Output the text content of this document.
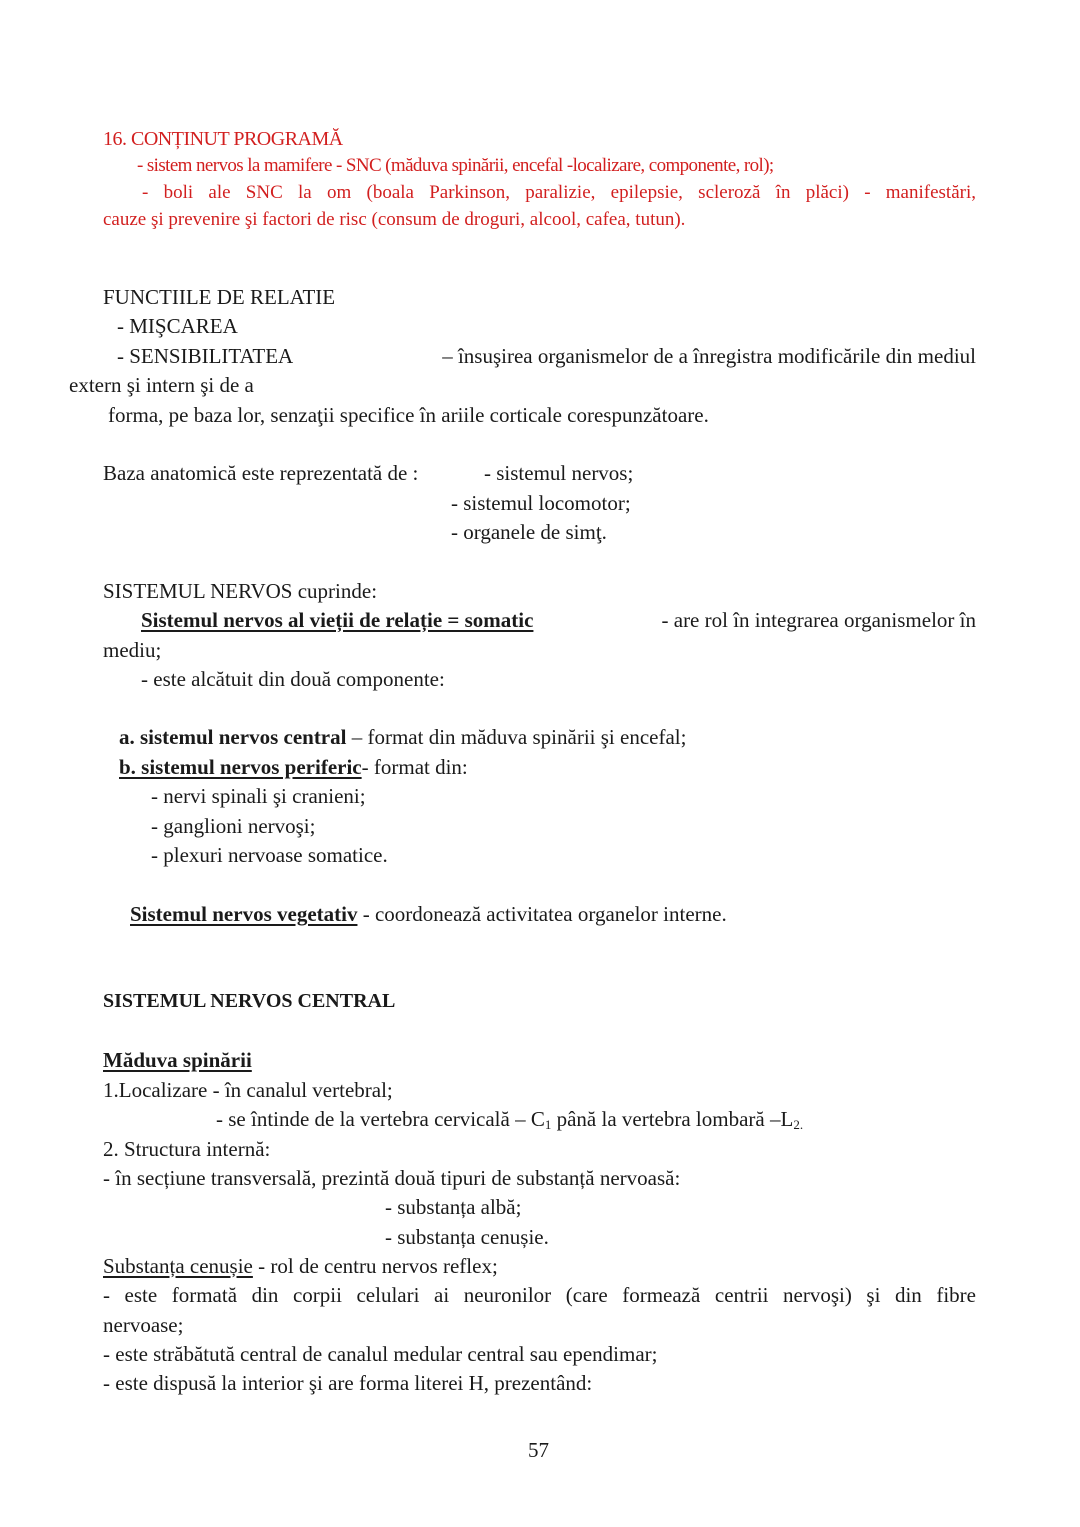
16. CONȚINUT PROGRAMĂ
- sistem nervos la mamifere - SNC (măduva spinării, encefal -localizare, componente, rol);
- boli ale SNC la om (boala Parkinson, paralizie, epilepsie, scleroză în plăci) - manifestări,
cauze şi prevenire şi factori de risc (consum de droguri, alcool, cafea, tutun).
FUNCTIILE DE RELATIE
- MIŞCAREA
- SENSIBILITATEA	– însuşirea organismelor de a înregistra modificările din mediul
extern şi intern şi de a
forma, pe baza lor, senzaţii specifice în ariile corticale corespunzătoare.
Baza anatomică este reprezentată de :	- sistemul nervos;
- sistemul locomotor;
- organele de simţ.
SISTEMUL NERVOS cuprinde:
Sistemul nervos al vieții de relație = somatic	- are rol în integrarea organismelor în
mediu;
- este alcătuit din două componente:
a. sistemul nervos central – format din măduva spinării şi encefal;
b. sistemul nervos periferic- format din:
- nervi spinali şi cranieni;
- ganglioni nervoşi;
- plexuri nervoase somatice.
Sistemul nervos vegetativ - coordonează activitatea organelor interne.
SISTEMUL NERVOS CENTRAL
Măduva spinării
1.Localizare - în canalul vertebral;
- se întinde de la vertebra cervicală – $C_1$ până la vertebra lombară –L2.
2. Structura internă:
- în secțiune transversală, prezintă două tipuri de substanță nervoasă:
- substanța albă;
- substanța cenușie.
Substanța cenușie - rol de centru nervos reflex;
- este formată din corpii celulari ai neuronilor (care formează centrii nervoşi) şi din fibre
nervoase;
- este străbătută central de canalul medular central sau ependimar;
- este dispusă la interior şi are forma literei H, prezentând:
57
